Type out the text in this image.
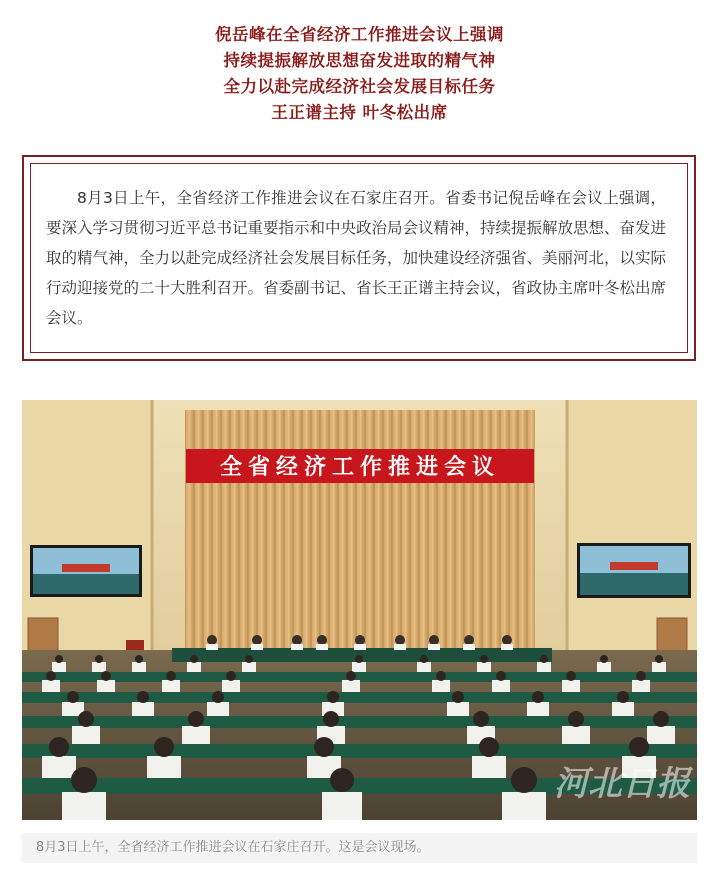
倪岳峰在全省经济工作推进会议上强调
持续提振解放思想奋发进取的精气神
全力以赴完成经济社会发展目标任务
王正谱主持 叶冬松出席
8月3日上午，全省经济工作推进会议在石家庄召开。省委书记倪岳峰在会议上强调，要深入学习贯彻习近平总书记重要指示和中央政治局会议精神，持续提振解放思想、奋发进取的精气神，全力以赴完成经济社会发展目标任务，加快建设经济强省、美丽河北，以实际行动迎接党的二十大胜利召开。省委副书记、省长王正谱主持会议，省政协主席叶冬松出席会议。
全省经济工作推进会议
河北日报
8月3日上午，全省经济工作推进会议在石家庄召开。这是会议现场。
